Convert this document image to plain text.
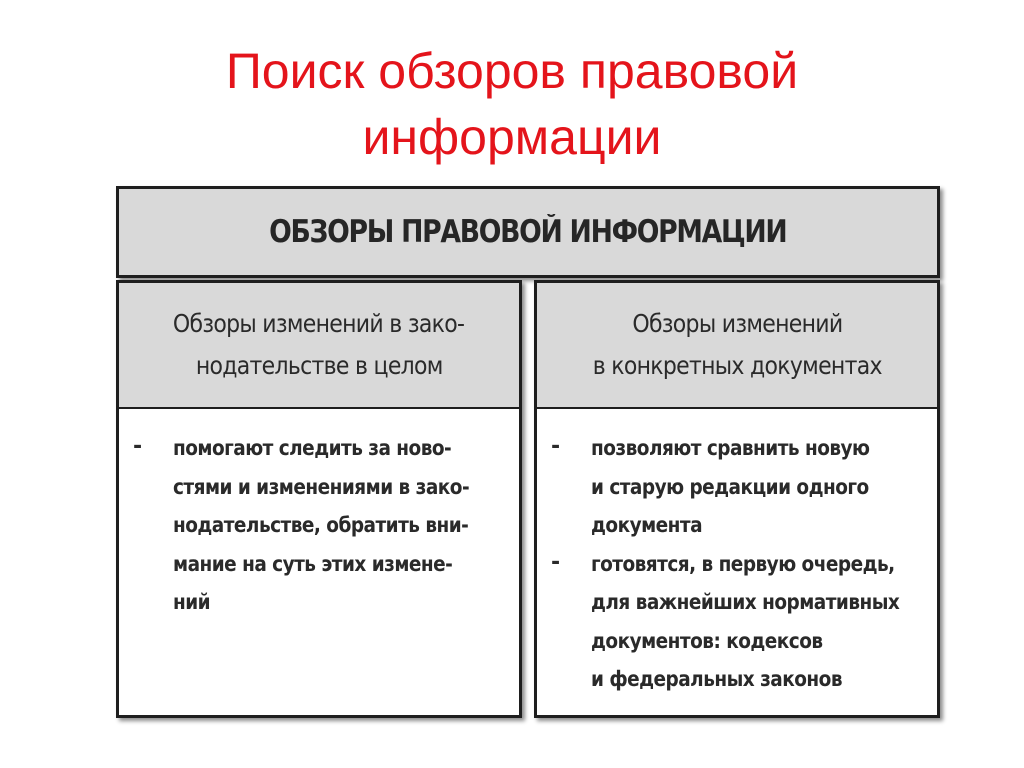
Поиск обзоров правовой
информации
ОБЗОРЫ ПРАВОВОЙ ИНФОРМАЦИИ
Обзоры изменений в зако-
нодательстве в целом
-	помогают следить за ново-
стями и изменениями в зако-
нодательстве, обратить вни-
мание на суть этих измене-
ний
Обзоры изменений
в конкретных документах
-	позволяют сравнить новую
и старую редакции одного
документа
-	готовятся, в первую очередь,
для важнейших нормативных
документов: кодексов
и федеральных законов
